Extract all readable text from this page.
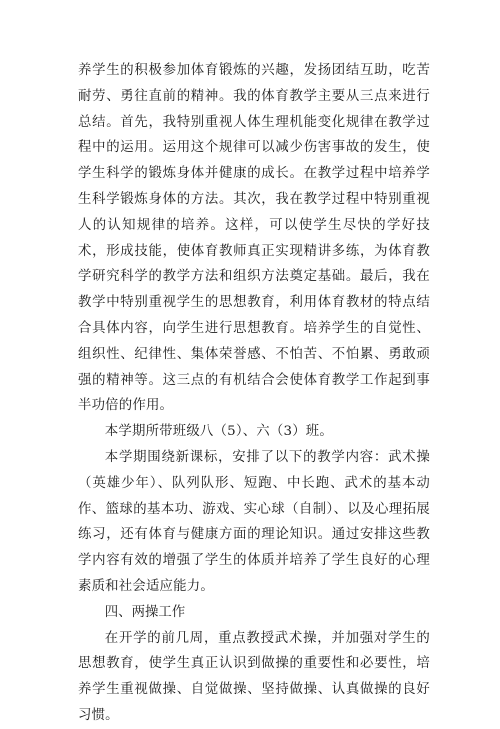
养学生的积极参加体育锻炼的兴趣，发扬团结互助，吃苦耐劳、勇往直前的精神。我的体育教学主要从三点来进行总结。首先，我特别重视人体生理机能变化规律在教学过程中的运用。运用这个规律可以减少伤害事故的发生，使学生科学的锻炼身体并健康的成长。在教学过程中培养学生科学锻炼身体的方法。其次，我在教学过程中特别重视人的认知规律的培养。这样，可以使学生尽快的学好技术，形成技能，使体育教师真正实现精讲多练，为体育教学研究科学的教学方法和组织方法奠定基础。最后，我在教学中特别重视学生的思想教育，利用体育教材的特点结合具体内容，向学生进行思想教育。培养学生的自觉性、组织性、纪律性、集体荣誉感、不怕苦、不怕累、勇敢顽强的精神等。这三点的有机结合会使体育教学工作起到事半功倍的作用。

本学期所带班级八（5）、六（3）班。

本学期围绕新课标，安排了以下的教学内容：武术操（英雄少年）、队列队形、短跑、中长跑、武术的基本动作、篮球的基本功、游戏、实心球（自制）、以及心理拓展练习，还有体育与健康方面的理论知识。通过安排这些教学内容有效的增强了学生的体质并培养了学生良好的心理素质和社会适应能力。

四、两操工作

在开学的前几周，重点教授武术操，并加强对学生的思想教育，使学生真正认识到做操的重要性和必要性，培养学生重视做操、自觉做操、坚持做操、认真做操的良好习惯。
